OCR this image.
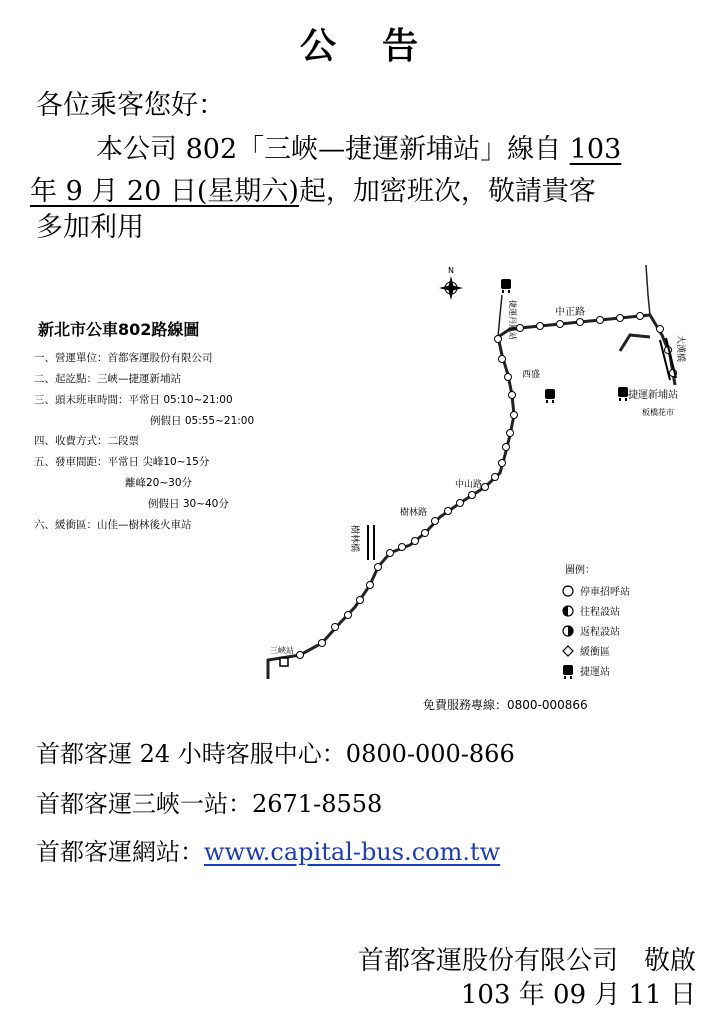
公 告
各位乘客您好：
本公司 802「三峽—捷運新埔站」線自 103
年 9 月 20 日(星期六)起，加密班次，敬請貴客
多加利用
新北市公車802路線圖
一、營運單位：首都客運股份有限公司
二、起訖點：三峽—捷運新埔站
三、頭末班車時間：平常日 05:10~21:00
例假日 05:55~21:00
四、收費方式：二段票
五、發車間距：平常日 尖峰10~15分
離峰20~30分
例假日 30~40分
六、緩衝區：山佳—樹林後火車站
N
捷運新埔站
板橋花市
大漢橋
三峽站
樹林橋
捷運丹鳳站	中正路
中山路
樹林路
西盛
圖例：
停車招呼站
往程設站
返程設站
緩衝區
捷運站
免費服務專線：0800-000866
首都客運 24 小時客服中心：0800-000-866
首都客運三峽一站：2671-8558
首都客運網站：www.capital-bus.com.tw
首都客運股份有限公司　敬啟
103 年 09 月 11 日
